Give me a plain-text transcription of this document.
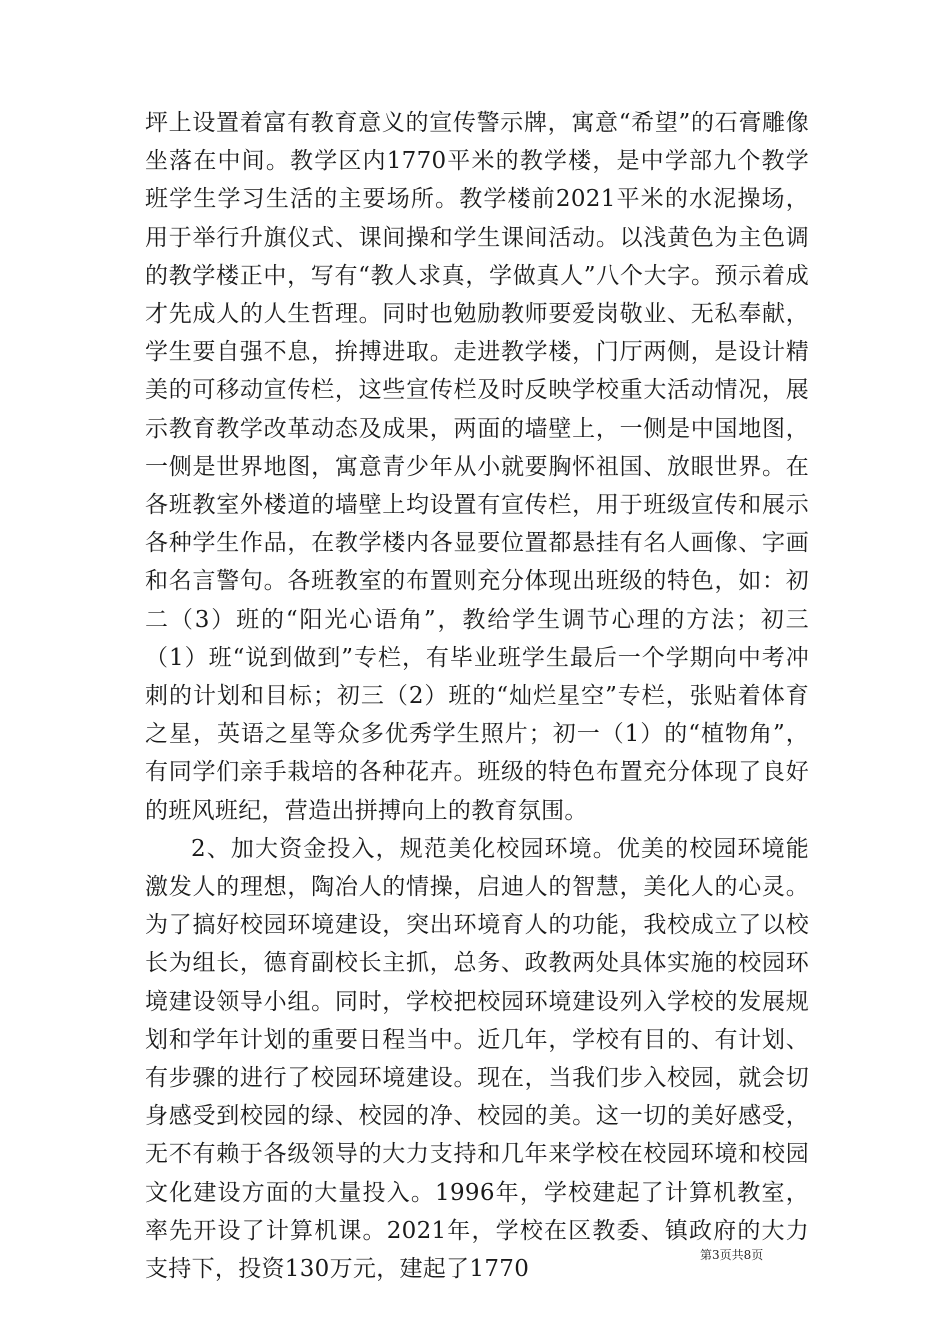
坪上设置着富有教育意义的宣传警示牌，寓意“希望”的石膏雕像坐落在中间。教学区内1770平米的教学楼，是中学部九个教学班学生学习生活的主要场所。教学楼前2021平米的水泥操场，用于举行升旗仪式、课间操和学生课间活动。以浅黄色为主色调的教学楼正中，写有“教人求真，学做真人”八个大字。预示着成才先成人的人生哲理。同时也勉励教师要爱岗敬业、无私奉献，学生要自强不息，拚搏进取。走进教学楼，门厅两侧，是设计精美的可移动宣传栏，这些宣传栏及时反映学校重大活动情况，展示教育教学改革动态及成果，两面的墙壁上，一侧是中国地图，一侧是世界地图，寓意青少年从小就要胸怀祖国、放眼世界。在各班教室外楼道的墙壁上均设置有宣传栏，用于班级宣传和展示各种学生作品，在教学楼内各显要位置都悬挂有名人画像、字画和名言警句。各班教室的布置则充分体现出班级的特色，如：初二（3）班的“阳光心语角”，教给学生调节心理的方法；初三（1）班“说到做到”专栏，有毕业班学生最后一个学期向中考冲刺的计划和目标；初三（2）班的“灿烂星空”专栏，张贴着体育之星，英语之星等众多优秀学生照片；初一（1）的“植物角”，有同学们亲手栽培的各种花卉。班级的特色布置充分体现了良好的班风班纪，营造出拼搏向上的教育氛围。

2、加大资金投入，规范美化校园环境。优美的校园环境能激发人的理想，陶冶人的情操，启迪人的智慧，美化人的心灵。为了搞好校园环境建设，突出环境育人的功能，我校成立了以校长为组长，德育副校长主抓，总务、政教两处具体实施的校园环境建设领导小组。同时，学校把校园环境建设列入学校的发展规划和学年计划的重要日程当中。近几年，学校有目的、有计划、有步骤的进行了校园环境建设。现在，当我们步入校园，就会切身感受到校园的绿、校园的净、校园的美。这一切的美好感受，无不有赖于各级领导的大力支持和几年来学校在校园环境和校园文化建设方面的大量投入。1996年，学校建起了计算机教室，率先开设了计算机课。2021年，学校在区教委、镇政府的大力支持下，投资130万元，建起了1770

第3页共8页
